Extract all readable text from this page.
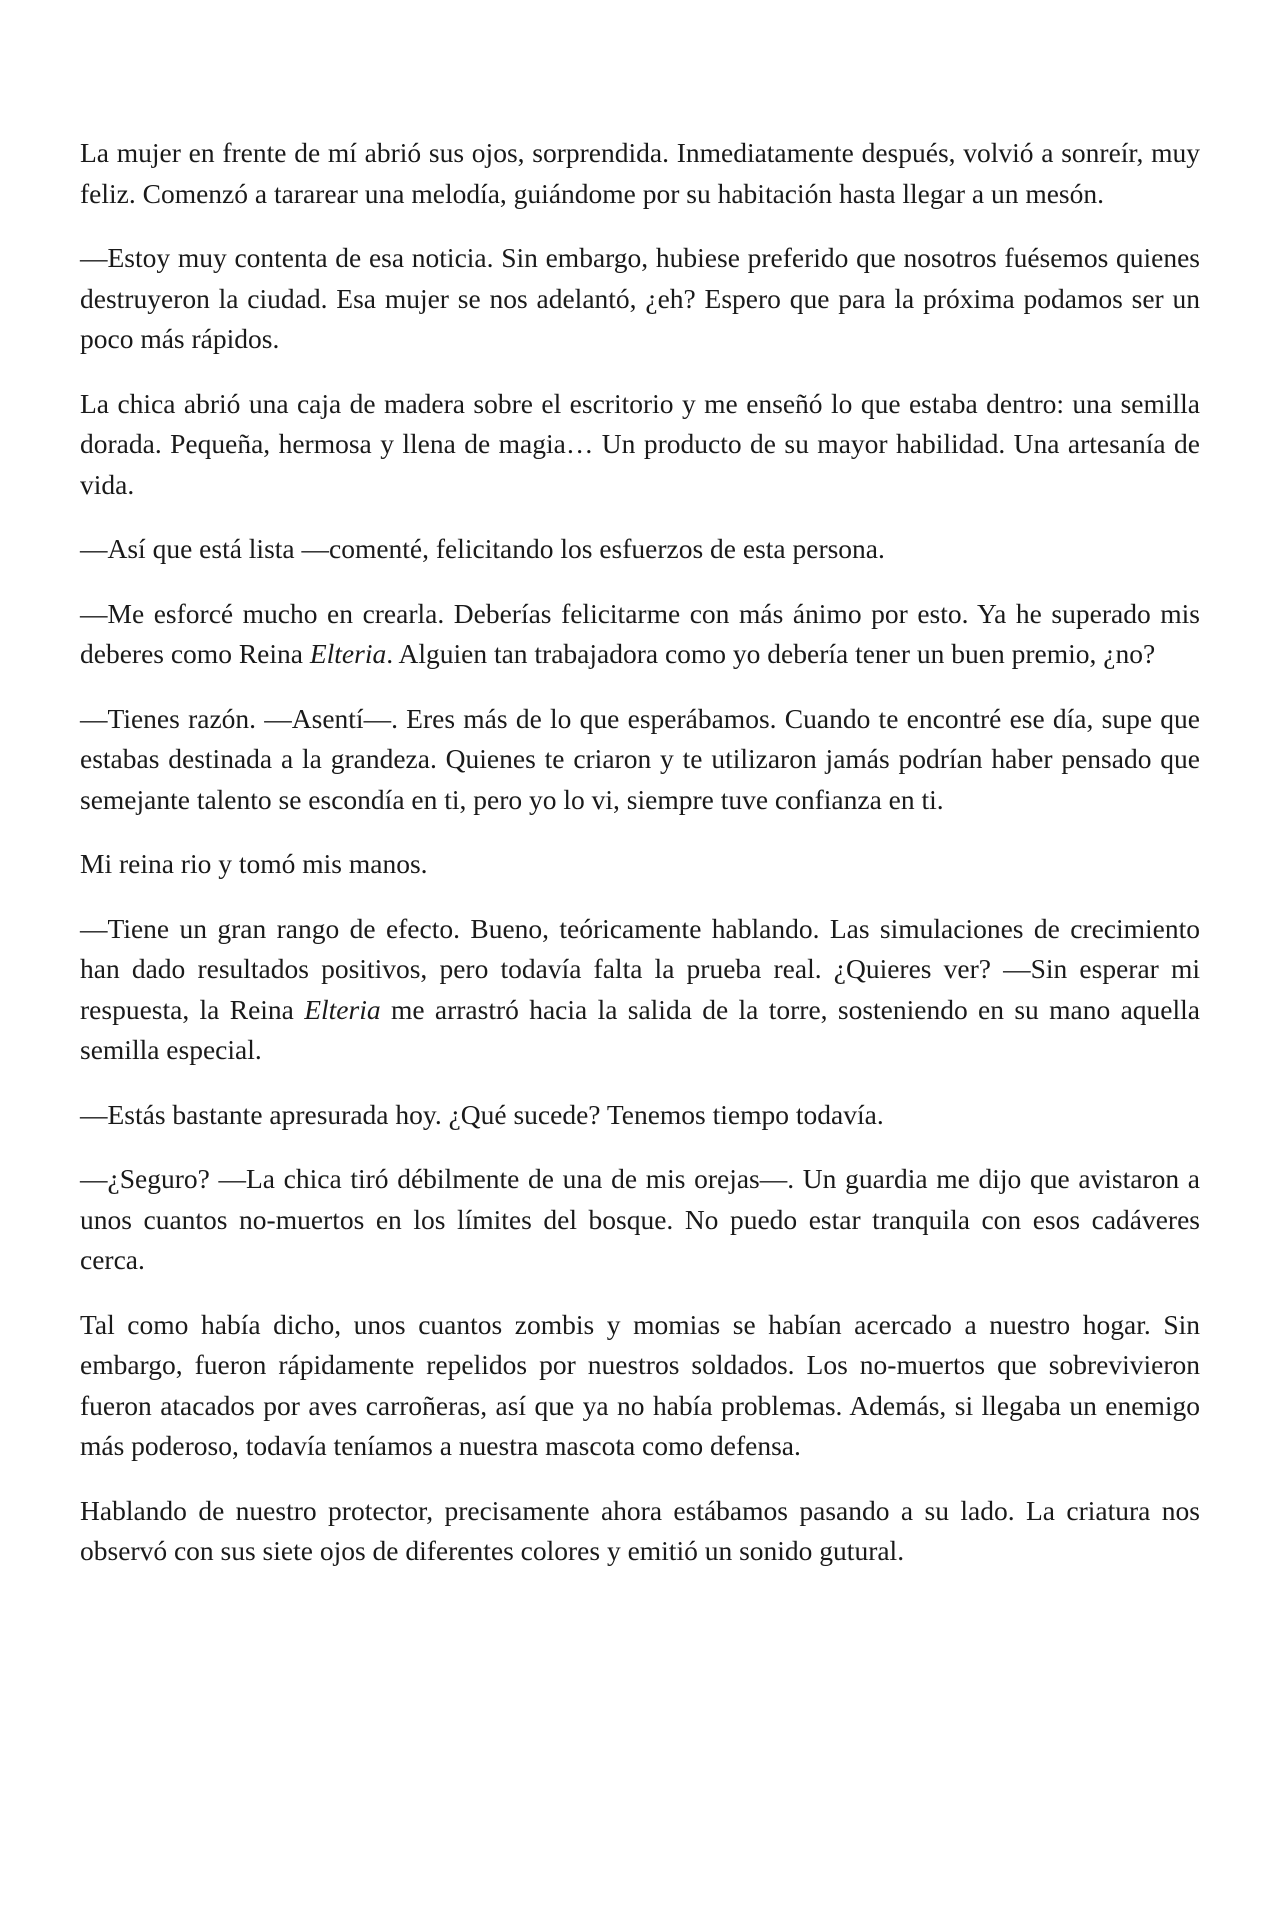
La mujer en frente de mí abrió sus ojos, sorprendida. Inmediatamente después, volvió a sonreír, muy feliz. Comenzó a tararear una melodía, guiándome por su habitación hasta llegar a un mesón.

—Estoy muy contenta de esa noticia. Sin embargo, hubiese preferido que nosotros fuésemos quienes destruyeron la ciudad. Esa mujer se nos adelantó, ¿eh? Espero que para la próxima podamos ser un poco más rápidos.

La chica abrió una caja de madera sobre el escritorio y me enseñó lo que estaba dentro: una semilla dorada. Pequeña, hermosa y llena de magia… Un producto de su mayor habilidad. Una artesanía de vida.

—Así que está lista —comenté, felicitando los esfuerzos de esta persona.

—Me esforcé mucho en crearla. Deberías felicitarme con más ánimo por esto. Ya he superado mis deberes como Reina Elteria. Alguien tan trabajadora como yo debería tener un buen premio, ¿no?

—Tienes razón. —Asentí—. Eres más de lo que esperábamos. Cuando te encontré ese día, supe que estabas destinada a la grandeza. Quienes te criaron y te utilizaron jamás podrían haber pensado que semejante talento se escondía en ti, pero yo lo vi, siempre tuve confianza en ti.

Mi reina rio y tomó mis manos.

—Tiene un gran rango de efecto. Bueno, teóricamente hablando. Las simulaciones de crecimiento han dado resultados positivos, pero todavía falta la prueba real. ¿Quieres ver? —Sin esperar mi respuesta, la Reina Elteria me arrastró hacia la salida de la torre, sosteniendo en su mano aquella semilla especial.

—Estás bastante apresurada hoy. ¿Qué sucede? Tenemos tiempo todavía.

—¿Seguro? —La chica tiró débilmente de una de mis orejas—. Un guardia me dijo que avistaron a unos cuantos no-muertos en los límites del bosque. No puedo estar tranquila con esos cadáveres cerca.

Tal como había dicho, unos cuantos zombis y momias se habían acercado a nuestro hogar. Sin embargo, fueron rápidamente repelidos por nuestros soldados. Los no-muertos que sobrevivieron fueron atacados por aves carroñeras, así que ya no había problemas. Además, si llegaba un enemigo más poderoso, todavía teníamos a nuestra mascota como defensa.

Hablando de nuestro protector, precisamente ahora estábamos pasando a su lado. La criatura nos observó con sus siete ojos de diferentes colores y emitió un sonido gutural.
